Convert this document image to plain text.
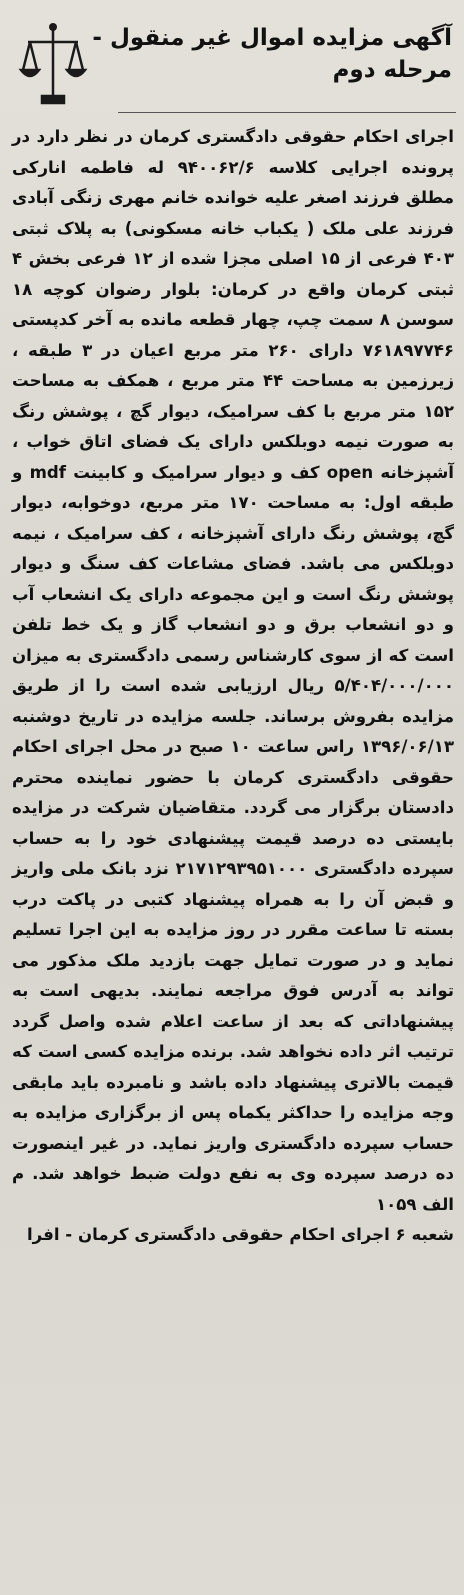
آگهی مزایده اموال غیر منقول -
مرحله دوم

اجرای احکام حقوقی دادگستری کرمان در نظر دارد در پرونده اجرایی کلاسه ۹۴۰۰۶۲/۶ له فاطمه انارکی مطلق فرزند اصغر علیه خوانده خانم مهری زنگی آبادی فرزند علی ملک ( یکباب خانه مسکونی) به پلاک ثبتی ۴۰۳ فرعی از ۱۵ اصلی مجزا شده از ۱۲ فرعی بخش ۴ ثبتی کرمان واقع در کرمان: بلوار رضوان کوچه ۱۸ سوسن ۸ سمت چپ، چهار قطعه مانده به آخر کدپستی ۷۶۱۸۹۷۷۴۶ دارای ۲۶۰ متر مربع اعیان در ۳ طبقه ، زیرزمین به مساحت ۴۴ متر مربع ، همکف به مساحت ۱۵۲ متر مربع با کف سرامیک، دیوار گچ ، پوشش رنگ به صورت نیمه دوبلکس دارای یک فضای اتاق خواب ، آشپزخانه open کف و دیوار سرامیک و کابینت mdf و طبقه اول: به مساحت ۱۷۰ متر مربع، دوخوابه، دیوار گچ، پوشش رنگ دارای آشپزخانه ، کف سرامیک ، نیمه دوبلکس می باشد. فضای مشاعات کف سنگ و دیوار پوشش رنگ است و این مجموعه دارای یک انشعاب آب و دو انشعاب برق و دو انشعاب گاز و یک خط تلفن است که از سوی کارشناس رسمی دادگستری به میزان ۵/۴۰۴/۰۰۰/۰۰۰ ریال ارزیابی شده است را از طریق مزایده بفروش برساند. جلسه مزایده در تاریخ دوشنبه ۱۳۹۶/۰۶/۱۳ راس ساعت ۱۰ صبح در محل اجرای احکام حقوقی دادگستری کرمان با حضور نماینده محترم دادستان برگزار می گردد. متقاضیان شرکت در مزایده بایستی ده درصد قیمت پیشنهادی خود را به حساب سپرده دادگستری ۲۱۷۱۲۹۳۹۵۱۰۰۰ نزد بانک ملی واریز و قبض آن را به همراه پیشنهاد کتبی در پاکت درب بسته تا ساعت مقرر در روز مزایده به این اجرا تسلیم نماید و در صورت تمایل جهت بازدید ملک مذکور می تواند به آدرس فوق مراجعه نمایند. بدیهی است به پیشنهاداتی که بعد از ساعت اعلام شده واصل گردد ترتیب اثر داده نخواهد شد. برنده مزایده کسی است که قیمت بالاتری پیشنهاد داده باشد و نامبرده باید مابقی وجه مزایده را حداکثر یکماه پس از برگزاری مزایده به حساب سپرده دادگستری واریز نماید. در غیر اینصورت ده درصد سپرده وی به نفع دولت ضبط خواهد شد. م الف ۱۰۵۹

شعبه ۶ اجرای احکام حقوقی دادگستری کرمان - افرا
